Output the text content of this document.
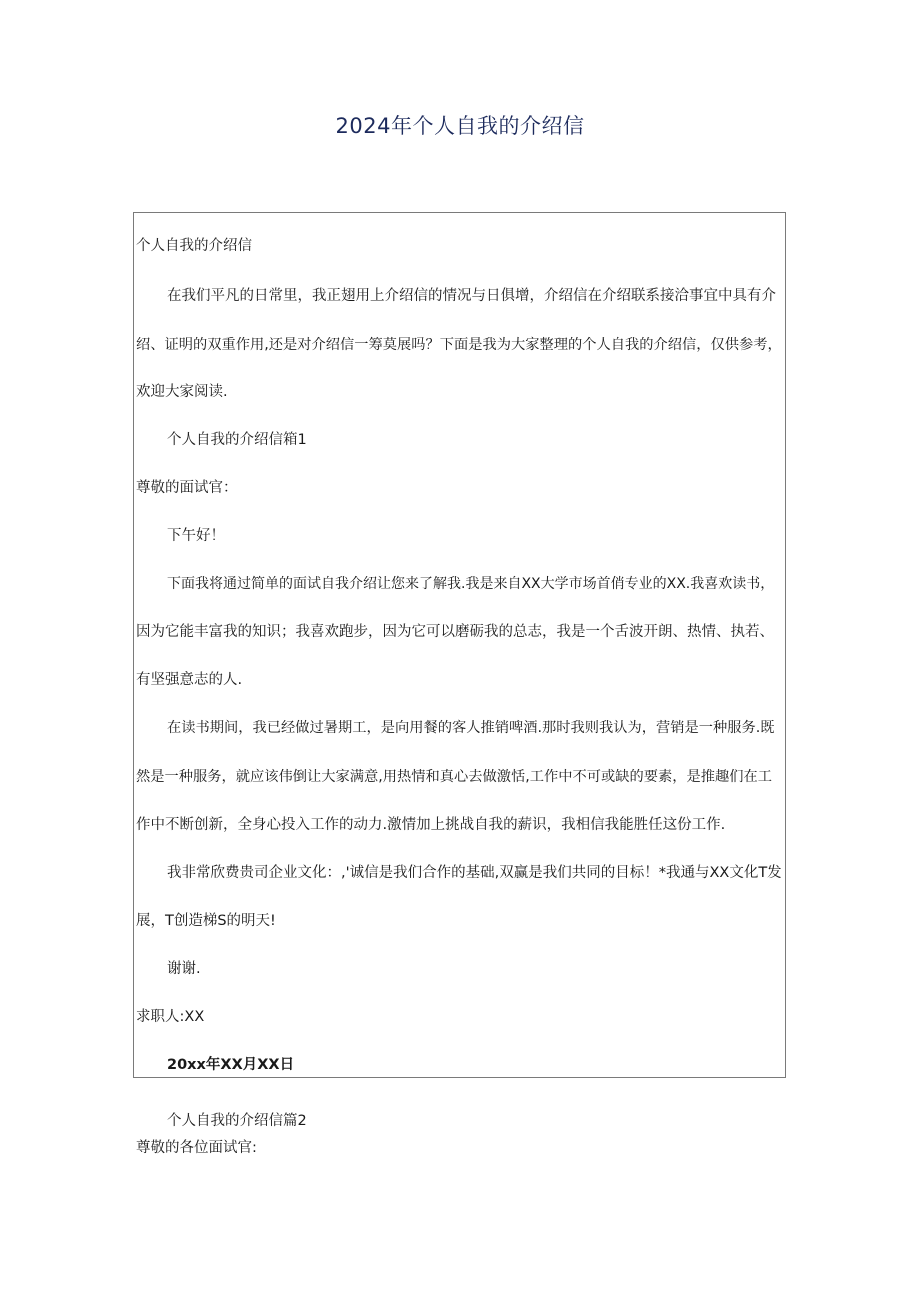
2024年个人自我的介绍信

个人自我的介绍信

在我们平凡的日常里，我正翅用上介绍信的情况与日俱增，介绍信在介绍联系接洽事宜中具有介

绍、证明的双重作用,还是对介绍信一筹莫展吗？下面是我为大家整理的个人自我的介绍信，仅供参考，

欢迎大家阅读.

个人自我的介绍信箱1

尊敬的面试官：

下午好！

下面我将通过简单的面试自我介绍让您来了解我.我是来自XX大学市场首俏专业的XX.我喜欢读书，

因为它能丰富我的知识；我喜欢跑步，因为它可以磨砺我的总志，我是一个舌波开朗、热情、执若、

有坚强意志的人.

在读书期间，我已经做过暑期工，是向用餐的客人推销啤酒.那时我则我认为，营销是一种服务.既

然是一种服务，就应该伟倒让大家满意,用热情和真心去做激恬,工作中不可或缺的要素，是推趣们在工

作中不断创新，全身心投入工作的动力.激情加上挑战自我的薪识，我相信我能胜任这份工作.

我非常欣费贵司企业文化：,'诚信是我们合作的基础,双赢是我们共同的目标！*我通与XX文化T发

展，T创造梯S的明天!

谢谢.

求职人:XX

20xx年XX月XX日

个人自我的介绍信篇2

尊敬的各位面试官:
